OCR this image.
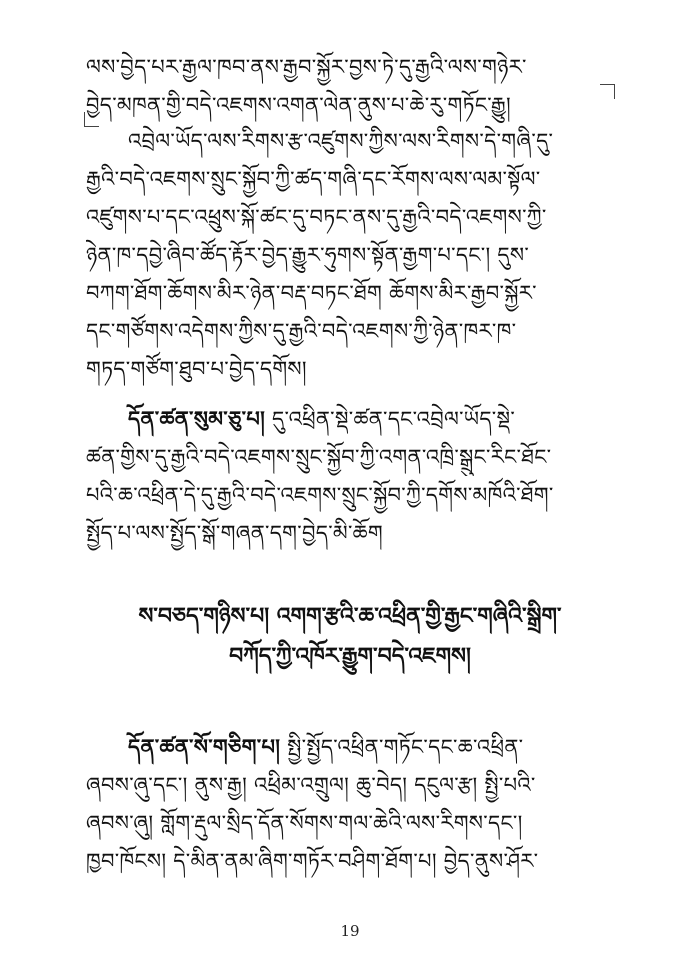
ལས་བྱེད་པར་རྒྱལ་ཁབ་ནས་རྒྱབ་སྐྱོར་བྱས་ཏེ་དུ་རྒྱའི་ལས་གཉེར་
བྱེད་མཁན་གྱི་བདེ་འཇགས་འགན་ལེན་ནུས་པ་ཆེ་རུ་གཏོང་རྒྱུ།
འབྲེལ་ཡོད་ལས་རིགས་རྩ་འཛུགས་ཀྱིས་ལས་རིགས་དེ་གཞི་དུ་
རྒྱའི་བདེ་འཇགས་སྲུང་སྐྱོབ་ཀྱི་ཚད་གཞི་དང་རོགས་ལས་ལམ་སྟོལ་
འཛུགས་པ་དང་འཕྲུས་སྐོ་ཚང་དུ་བཏང་ནས་དུ་རྒྱའི་བདེ་འཇགས་ཀྱི་
ཉེན་ཁ་དབྱེ་ཞིབ་ཚོད་རྟོར་བྱེད་རྒྱུར་ཧུགས་སྟོན་རྒྱག་པ་དང་། དུས་
བཀག་ཐོག་ཆོགས་མིར་ཉེན་བརྡ་བཏང་ཐོག ཆོགས་མིར་རྒྱབ་སྐྱོར་
དང་གཙོགས་འདེགས་ཀྱིས་དུ་རྒྱའི་བདེ་འཇགས་ཀྱི་ཉེན་ཁར་ཁ་
གཏད་གཙོག་ཐུབ་པ་བྱེད་དགོས།
དོན་ཚན་སུམ་ཅུ་པ། དུ་འཕྲིན་སྡེ་ཚན་དང་འབྲེལ་ཡོད་སྡེ་
ཚན་གྱིས་དུ་རྒྱའི་བདེ་འཇགས་སྲུང་སྐྱོབ་ཀྱི་འགན་འཁྲི་སྒྲུང་རིང་ཐོང་
པའི་ཆ་འཕྲིན་དེ་དུ་རྒྱའི་བདེ་འཇགས་སྲུང་སྐྱོབ་ཀྱི་དགོས་མཁོའི་ཐོག་
སྤྱོད་པ་ལས་སྤྱོད་སྒོ་གཞན་དག་བྱེད་མི་ཆོག
ས་བཅད་གཉིས་པ། འགག་རྩའི་ཆ་འཕྲིན་གྱི་རྒྱང་གཞིའི་སྒྲིག་
བཀོད་ཀྱི་འཁོར་རྒྱུག་བདེ་འཇགས།
དོན་ཚན་སོ་གཅིག་པ། སྤྱི་སྤྱོད་འཕྲིན་གཏོང་དང་ཆ་འཕྲིན་
ཞབས་ཞུ་དང་། ནུས་རྒྱ། འཕྲིམ་འགྲུལ། ཆུ་བེད། དངུལ་རྩ། སྤྱི་པའི་
ཞབས་ཞུ། གློག་རྡུལ་སྲིད་དོན་སོགས་གལ་ཆེའི་ལས་རིགས་དང་།
ཁྱབ་ཁོངས། དེ་མིན་ནམ་ཞིག་གཏོར་བཤིག་ཐོག་པ། བྱེད་ནུས་ཤོར་
19
